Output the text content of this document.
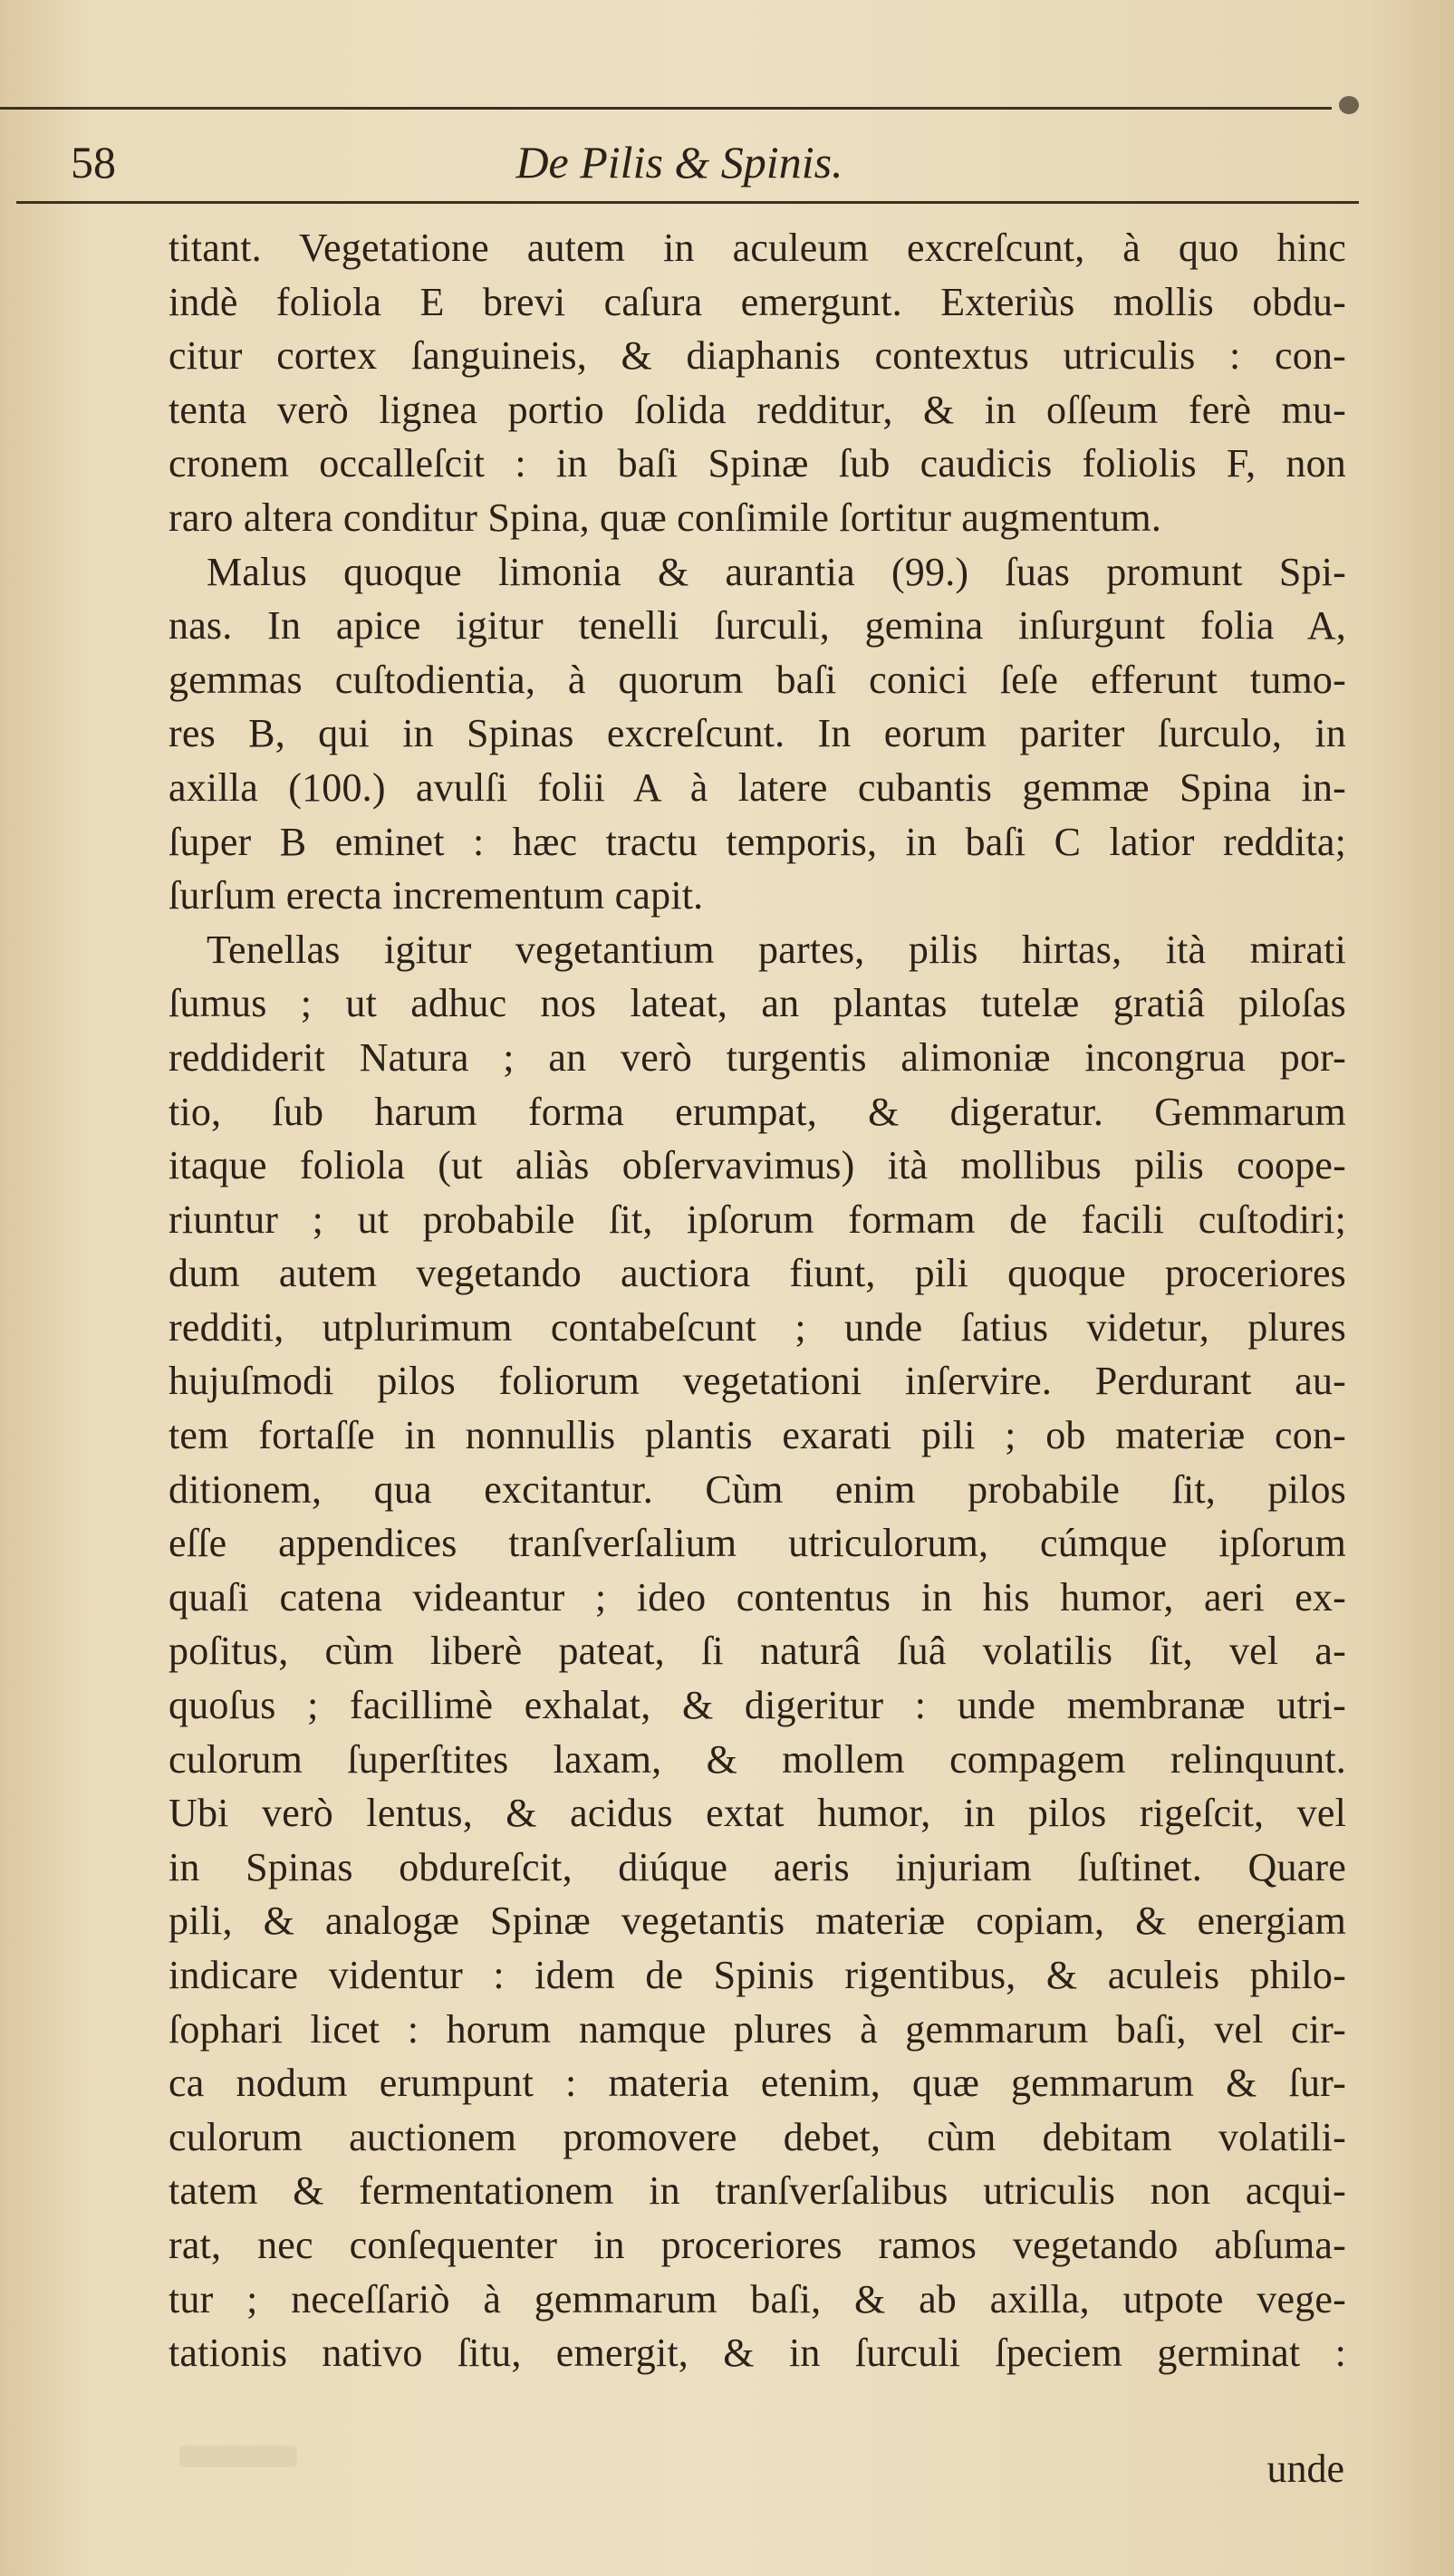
58	De Pilis & Spinis.
titant. Vegetatione autem in aculeum excreſcunt, à quo hinc
indè foliola E brevi caſura emergunt. Exteriùs mollis obdu-
citur cortex ſanguineis, & diaphanis contextus utriculis : con-
tenta verò lignea portio ſolida redditur, & in oſſeum ferè mu-
cronem occalleſcit : in baſi Spinæ ſub caudicis foliolis F, non
raro altera conditur Spina, quæ conſimile ſortitur augmentum.
Malus quoque limonia & aurantia (99.) ſuas promunt Spi-
nas. In apice igitur tenelli ſurculi, gemina inſurgunt folia A,
gemmas cuſtodientia, à quorum baſi conici ſeſe efferunt tumo-
res B, qui in Spinas excreſcunt. In eorum pariter ſurculo, in
axilla (100.) avulſi folii A à latere cubantis gemmæ Spina in-
ſuper B eminet : hæc tractu temporis, in baſi C latior reddita;
ſurſum erecta incrementum capit.
Tenellas igitur vegetantium partes, pilis hirtas, ità mirati
ſumus ; ut adhuc nos lateat, an plantas tutelæ gratiâ piloſas
reddiderit Natura ; an verò turgentis alimoniæ incongrua por-
tio, ſub harum forma erumpat, & digeratur. Gemmarum
itaque foliola (ut aliàs obſervavimus) ità mollibus pilis coope-
riuntur ; ut probabile ſit, ipſorum formam de facili cuſtodiri;
dum autem vegetando auctiora fiunt, pili quoque proceriores
redditi, utplurimum contabeſcunt ; unde ſatius videtur, plures
hujuſmodi pilos foliorum vegetationi inſervire. Perdurant au-
tem fortaſſe in nonnullis plantis exarati pili ; ob materiæ con-
ditionem, qua excitantur. Cùm enim probabile ſit, pilos
eſſe appendices tranſverſalium utriculorum, cúmque ipſorum
quaſi catena videantur ; ideo contentus in his humor, aeri ex-
poſitus, cùm liberè pateat, ſi naturâ ſuâ volatilis ſit, vel a-
quoſus ; facillimè exhalat, & digeritur : unde membranæ utri-
culorum ſuperſtites laxam, & mollem compagem relinquunt.
Ubi verò lentus, & acidus extat humor, in pilos rigeſcit, vel
in Spinas obdureſcit, diúque aeris injuriam ſuſtinet. Quare
pili, & analogæ Spinæ vegetantis materiæ copiam, & energiam
indicare videntur : idem de Spinis rigentibus, & aculeis philo-
ſophari licet : horum namque plures à gemmarum baſi, vel cir-
ca nodum erumpunt : materia etenim, quæ gemmarum & ſur-
culorum auctionem promovere debet, cùm debitam volatili-
tatem & fermentationem in tranſverſalibus utriculis non acqui-
rat, nec conſequenter in proceriores ramos vegetando abſuma-
tur ; neceſſariò à gemmarum baſi, & ab axilla, utpote vege-
tationis nativo ſitu, emergit, & in ſurculi ſpeciem germinat :
unde
